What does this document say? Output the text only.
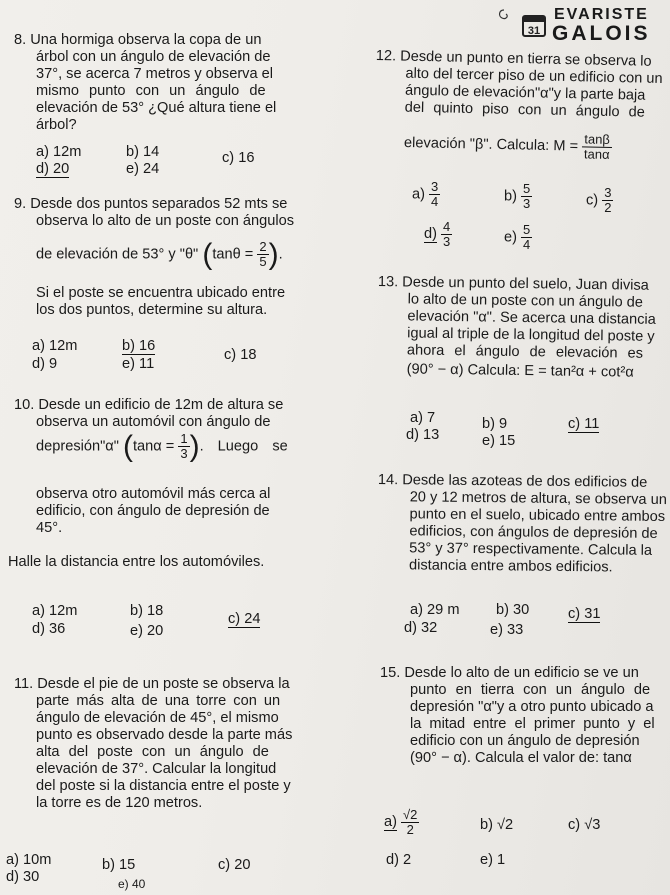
31
EVARISTE
GALOIS

8. Una hormiga observa la copa de un

árbol con un ángulo de elevación de

37°, se acerca 7 metros y observa el

mismo punto con un ángulo de

elevación de 53° ¿Qué altura tiene el

árbol?

a) 12m	b) 14	c) 16
d) 20	e) 24

9. Desde dos puntos separados 52 mts se

observa lo alto de un poste con ángulos

de elevación de 53° y "θ" ($\tan\theta = \frac{2}{5}$ ).

Si el poste se encuentra ubicado entre

los dos puntos, determine su altura.

a) 12m	b) 16
c) 18
d) 9	e) 11

10. Desde un edificio de 12m de altura se

observa un automóvil con ángulo de

depresión"α" ($\tan\alpha = \frac{1}{3}$ ). Luego se

observa otro automóvil más cerca al

edificio, con ángulo de depresión de

45°.

Halle la distancia entre los automóviles.

a) 12m	b) 18	c) 24
d) 36	e) 20

11. Desde el pie de un poste se observa la

parte más alta de una torre con un

ángulo de elevación de 45°, el mismo

punto es observado desde la parte más

alta del poste con un ángulo de

elevación de 37°. Calcular la longitud

del poste si la distancia entre el poste y

la torre es de 120 metros.

a) 10m	b) 15	c) 20
d) 30	e) 40

12. Desde un punto en tierra se observa lo

alto del tercer piso de un edificio con un

ángulo de elevación"α"y la parte baja

del quinto piso con un ángulo de

elevación "β". Calcula: $M = \frac{\tan\beta}{\tan\alpha}$

$a) \frac{3}{4}$	$b) \frac{5}{3}$	$c) \frac{3}{2}$
$d) \frac{4}{3}$	$e) \frac{5}{4}$

13. Desde un punto del suelo, Juan divisa

lo alto de un poste con un ángulo de

elevación "α". Se acerca una distancia

igual al triple de la longitud del poste y

ahora el ángulo de elevación es

(90° − α) Calcula: E = tan²α + cot²α

a) 7	b) 9	c) 11
d) 13	e) 15

14. Desde las azoteas de dos edificios de

20 y 12 metros de altura, se observa un

punto en el suelo, ubicado entre ambos

edificios, con ángulos de depresión de

53° y 37° respectivamente. Calcula la

distancia entre ambos edificios.

a) 29 m	b) 30	c) 31
d) 32	e) 33

15. Desde lo alto de un edificio se ve un

punto en tierra con un ángulo de

depresión "α"y a otro punto ubicado a

la mitad entre el primer punto y el

edificio con un ángulo de depresión

(90° − α). Calcula el valor de: tanα

$a) \frac{√2}{2}$	b) √2	c) √3
d) 2	e) 1
